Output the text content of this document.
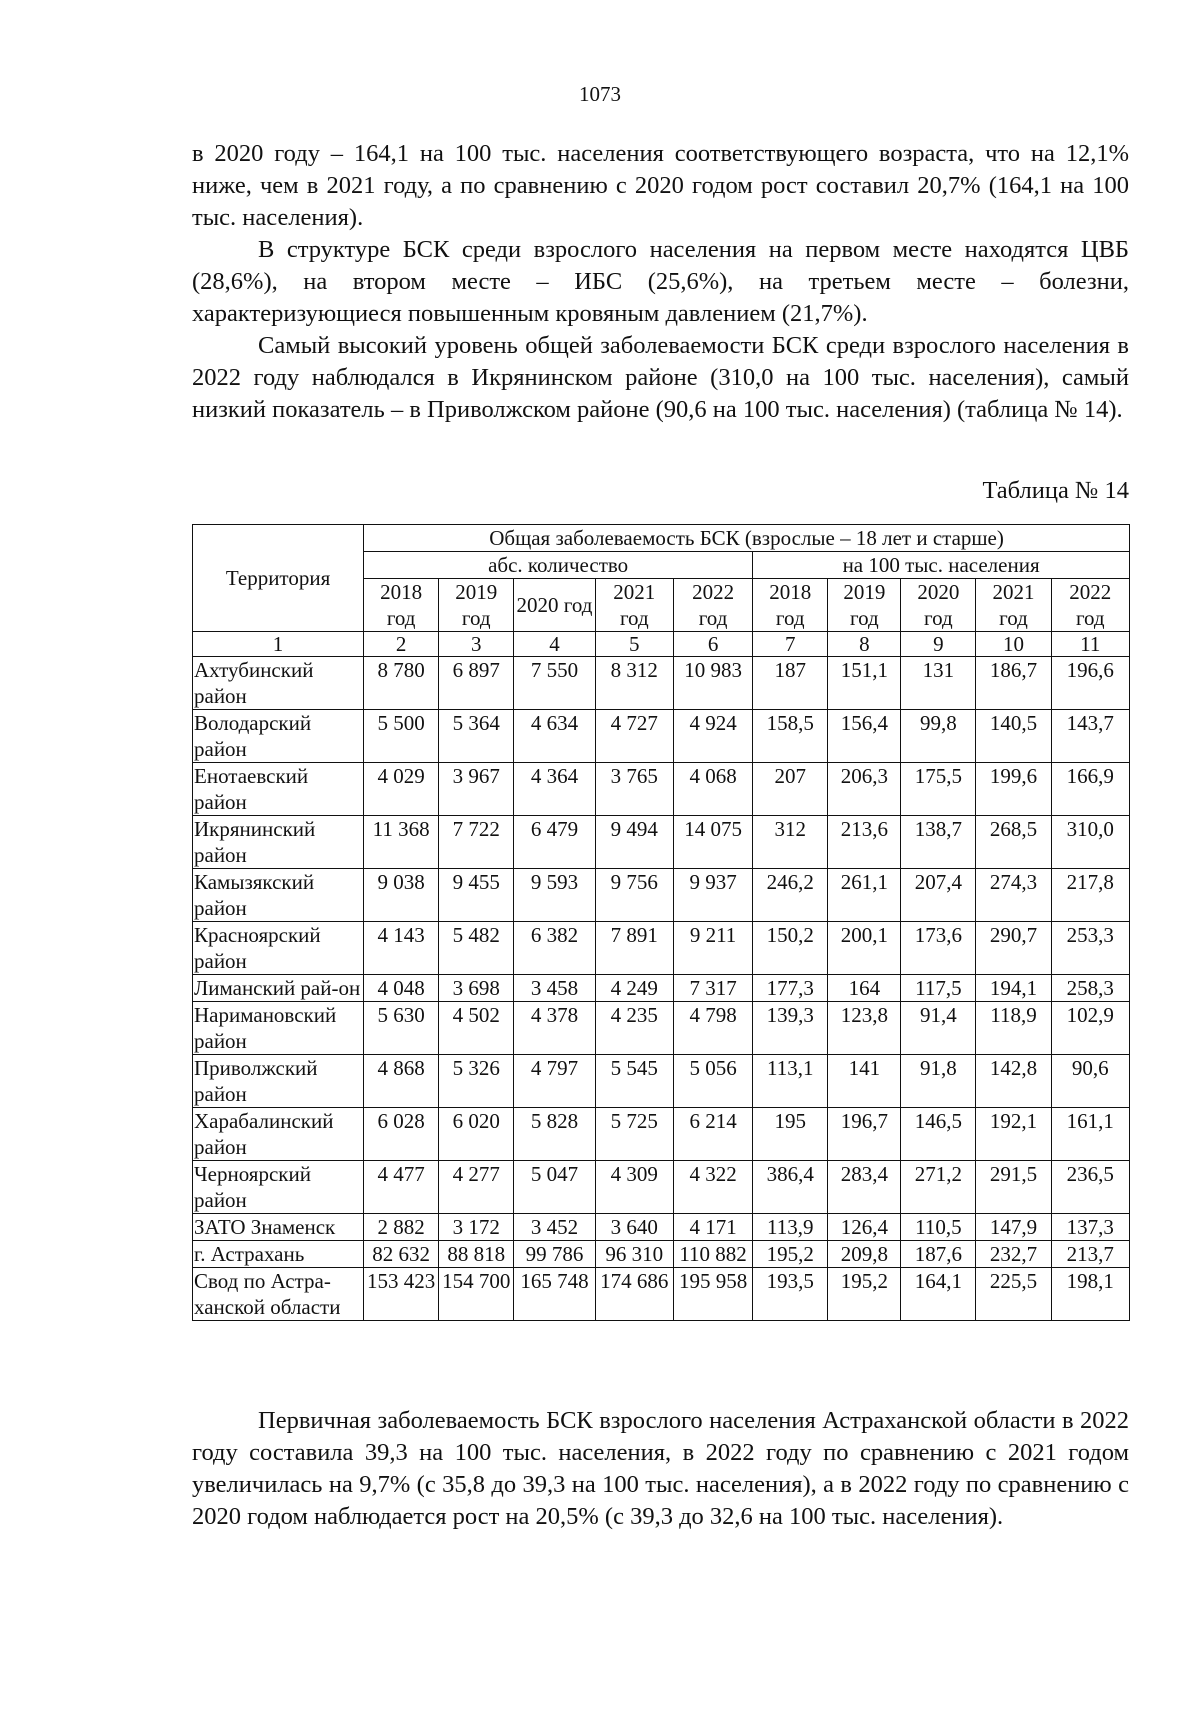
1073

в 2020 году – 164,1 на 100 тыс. населения соответствующего возраста, что на 12,1% ниже, чем в 2021 году, а по сравнению с 2020 годом рост составил 20,7% (164,1 на 100 тыс. населения).

В структуре БСК среди взрослого населения на первом месте находятся ЦВБ (28,6%), на втором месте – ИБС (25,6%), на третьем месте – болезни, характеризующиеся повышенным кровяным давлением (21,7%).

Самый высокий уровень общей заболеваемости БСК среди взрослого населения в 2022 году наблюдался в Икрянинском районе (310,0 на 100 тыс. населения), самый низкий показатель – в Приволжском районе (90,6 на 100 тыс. населения) (таблица № 14).

Таблица № 14
Территория	Общая заболеваемость БСК (взрослые – 18 лет и старше)									
	абс. количество					на 100 тыс. населения				
	2018 год	2019 год	2020 год	2021 год	2022 год	2018 год	2019 год	2020 год	2021 год	2022 год
1	2	3	4	5	6	7	8	9	10	11
Ахтубинский район	8 780	6 897	7 550	8 312	10 983	187	151,1	131	186,7	196,6
Володарский район	5 500	5 364	4 634	4 727	4 924	158,5	156,4	99,8	140,5	143,7
Енотаевский район	4 029	3 967	4 364	3 765	4 068	207	206,3	175,5	199,6	166,9
Икрянинский район	11 368	7 722	6 479	9 494	14 075	312	213,6	138,7	268,5	310,0
Камызякский район	9 038	9 455	9 593	9 756	9 937	246,2	261,1	207,4	274,3	217,8
Красноярский район	4 143	5 482	6 382	7 891	9 211	150,2	200,1	173,6	290,7	253,3
Лиманский рай-он	4 048	3 698	3 458	4 249	7 317	177,3	164	117,5	194,1	258,3
Наримановский район	5 630	4 502	4 378	4 235	4 798	139,3	123,8	91,4	118,9	102,9
Приволжский район	4 868	5 326	4 797	5 545	5 056	113,1	141	91,8	142,8	90,6
Харабалинский район	6 028	6 020	5 828	5 725	6 214	195	196,7	146,5	192,1	161,1
Черноярский район	4 477	4 277	5 047	4 309	4 322	386,4	283,4	271,2	291,5	236,5
ЗАТО Знаменск	2 882	3 172	3 452	3 640	4 171	113,9	126,4	110,5	147,9	137,3
г. Астрахань	82 632	88 818	99 786	96 310	110 882	195,2	209,8	187,6	232,7	213,7
Свод по Астра-ханской области	153 423	154 700	165 748	174 686	195 958	193,5	195,2	164,1	225,5	198,1

Первичная заболеваемость БСК взрослого населения Астраханской области в 2022 году составила 39,3 на 100 тыс. населения, в 2022 году по сравнению с 2021 годом увеличилась на 9,7% (с 35,8 до 39,3 на 100 тыс. населения), а в 2022 году по сравнению с 2020 годом наблюдается рост на 20,5% (с 39,3 до 32,6 на 100 тыс. населения).
